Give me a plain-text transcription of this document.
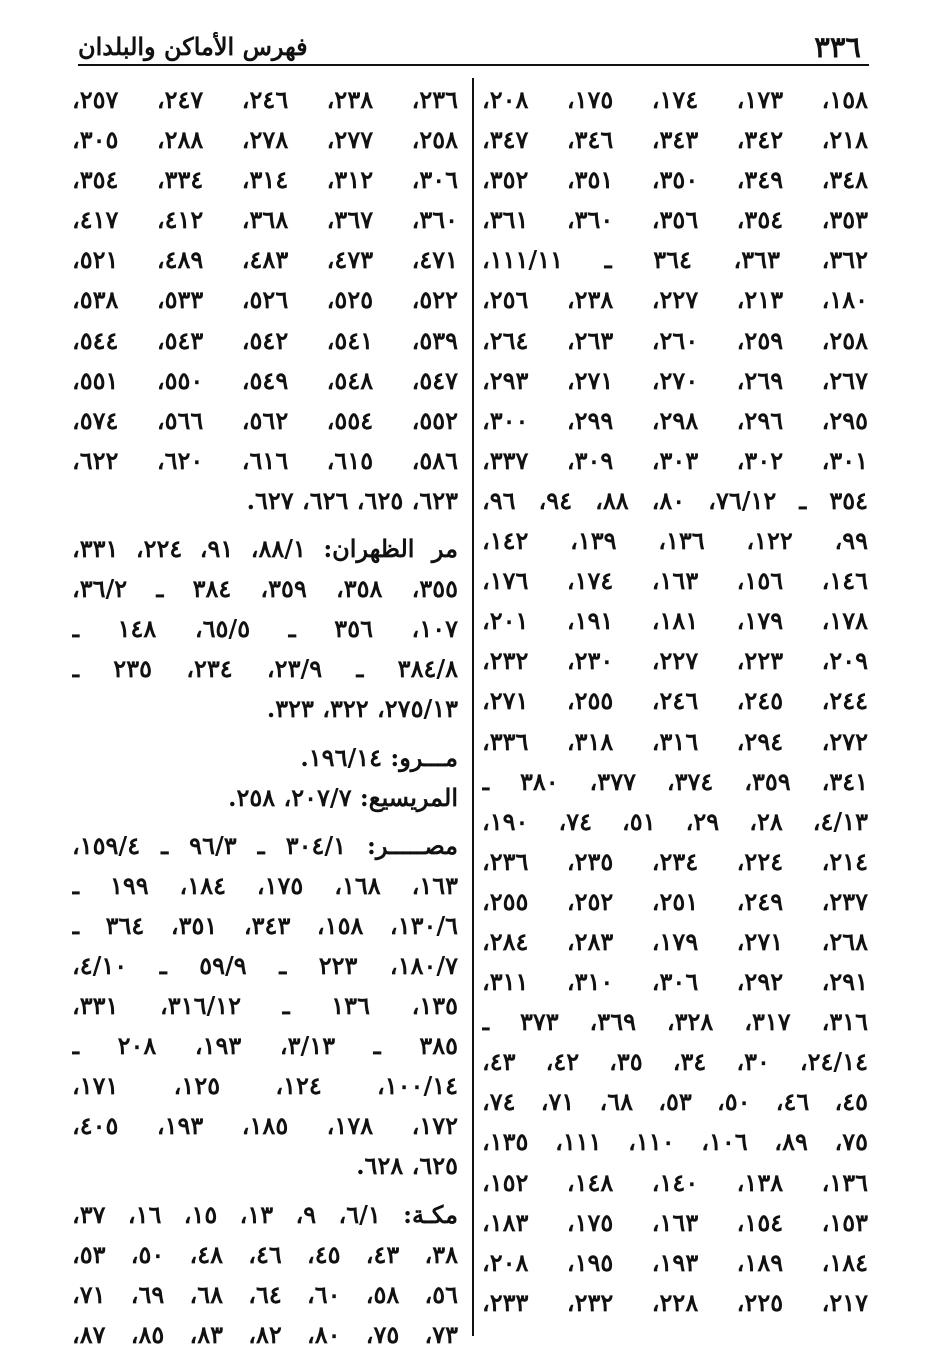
٣٣٦
فهرس الأماكن والبلدان
١٥٨، ١٧٣، ١٧٤، ١٧٥، ٢٠٨،
٢١٨، ٣٤٢، ٣٤٣، ٣٤٦، ٣٤٧،
٣٤٨، ٣٤٩، ٣٥٠، ٣٥١، ٣٥٢،
٣٥٣، ٣٥٤، ٣٥٦، ٣٦٠، ٣٦١،
٣٦٢، ٣٦٣، ٣٦٤ ـ ١١١/١١،
١٨٠، ٢١٣، ٢٢٧، ٢٣٨، ٢٥٦،
٢٥٨، ٢٥٩، ٢٦٠، ٢٦٣، ٢٦٤،
٢٦٧، ٢٦٩، ٢٧٠، ٢٧١، ٢٩٣،
٢٩٥، ٢٩٦، ٢٩٨، ٢٩٩، ٣٠٠،
٣٠١، ٣٠٢، ٣٠٣، ٣٠٩، ٣٣٧،
٣٥٤ ـ ٧٦/١٢، ٨٠، ٨٨، ٩٤، ٩٦،
٩٩، ١٢٢، ١٣٦، ١٣٩، ١٤٢،
١٤٦، ١٥٦، ١٦٣، ١٧٤، ١٧٦،
١٧٨، ١٧٩، ١٨١، ١٩١، ٢٠١،
٢٠٩، ٢٢٣، ٢٢٧، ٢٣٠، ٢٣٢،
٢٤٤، ٢٤٥، ٢٤٦، ٢٥٥، ٢٧١،
٢٧٢، ٢٩٤، ٣١٦، ٣١٨، ٣٣٦،
٣٤١، ٣٥٩، ٣٧٤، ٣٧٧، ٣٨٠ ـ
٤/١٣، ٢٨، ٢٩، ٥١، ٧٤، ١٩٠،
٢١٤، ٢٢٤، ٢٣٤، ٢٣٥، ٢٣٦،
٢٣٧، ٢٤٩، ٢٥١، ٢٥٢، ٢٥٥،
٢٦٨، ٢٧١، ١٧٩، ٢٨٣، ٢٨٤،
٢٩١، ٢٩٢، ٣٠٦، ٣١٠، ٣١١،
٣١٦، ٣١٧، ٣٢٨، ٣٦٩، ٣٧٣ ـ
٢٤/١٤، ٣٠، ٣٤، ٣٥، ٤٢، ٤٣،
٤٥، ٤٦، ٥٠، ٥٣، ٦٨، ٧١، ٧٤،
٧٥، ٨٩، ١٠٦، ١١٠، ١١١، ١٣٥،
١٣٦، ١٣٨، ١٤٠، ١٤٨، ١٥٢،
١٥٣، ١٥٤، ١٦٣، ١٧٥، ١٨٣،
١٨٤، ١٨٩، ١٩٣، ١٩٥، ٢٠٨،
٢١٧، ٢٢٥، ٢٢٨، ٢٣٢، ٢٣٣،
٢٣٦، ٢٣٨، ٢٤٦، ٢٤٧، ٢٥٧،
٢٥٨، ٢٧٧، ٢٧٨، ٢٨٨، ٣٠٥،
٣٠٦، ٣١٢، ٣١٤، ٣٣٤، ٣٥٤،
٣٦٠، ٣٦٧، ٣٦٨، ٤١٢، ٤١٧،
٤٧١، ٤٧٣، ٤٨٣، ٤٨٩، ٥٢١،
٥٢٢، ٥٢٥، ٥٢٦، ٥٣٣، ٥٣٨،
٥٣٩، ٥٤١، ٥٤٢، ٥٤٣، ٥٤٤،
٥٤٧، ٥٤٨، ٥٤٩، ٥٥٠، ٥٥١،
٥٥٢، ٥٥٤، ٥٦٢، ٥٦٦، ٥٧٤،
٥٨٦، ٦١٥، ٦١٦، ٦٢٠، ٦٢٢،
٦٢٣، ٦٢٥، ٦٢٦، ٦٢٧.
مر الظهران: ٨٨/١، ٩١، ٢٢٤، ٣٣١،
٣٥٥، ٣٥٨، ٣٥٩، ٣٨٤ ـ ٣٦/٢،
١٠٧، ٣٥٦ ـ ٦٥/٥، ١٤٨ ـ
٣٨٤/٨ ـ ٢٣/٩، ٢٣٤، ٢٣٥ ـ
٢٧٥/١٣، ٣٢٢، ٣٢٣.
مـــرو: ١٩٦/١٤.
المريسيع: ٢٠٧/٧، ٢٥٨.
مصـــــر: ٣٠٤/١ ـ ٩٦/٣ ـ ١٥٩/٤،
١٦٣، ١٦٨، ١٧٥، ١٨٤، ١٩٩ ـ
١٣٠/٦، ١٥٨، ٣٤٣، ٣٥١، ٣٦٤ ـ
١٨٠/٧، ٢٢٣ ـ ٥٩/٩ ـ ٤/١٠،
١٣٥، ١٣٦ ـ ٣١٦/١٢، ٣٣١،
٣٨٥ ـ ٣/١٣، ١٩٣، ٢٠٨ ـ
١٠٠/١٤، ١٢٤، ١٢٥، ١٧١،
١٧٢، ١٧٨، ١٨٥، ١٩٣، ٤٠٥،
٦٢٥، ٦٢٨.
مكـة: ٦/١، ٩، ١٣، ١٥، ١٦، ٣٧،
٣٨، ٤٣، ٤٥، ٤٦، ٤٨، ٥٠، ٥٣،
٥٦، ٥٨، ٦٠، ٦٤، ٦٨، ٦٩، ٧١،
٧٣، ٧٥، ٨٠، ٨٢، ٨٣، ٨٥، ٨٧،
